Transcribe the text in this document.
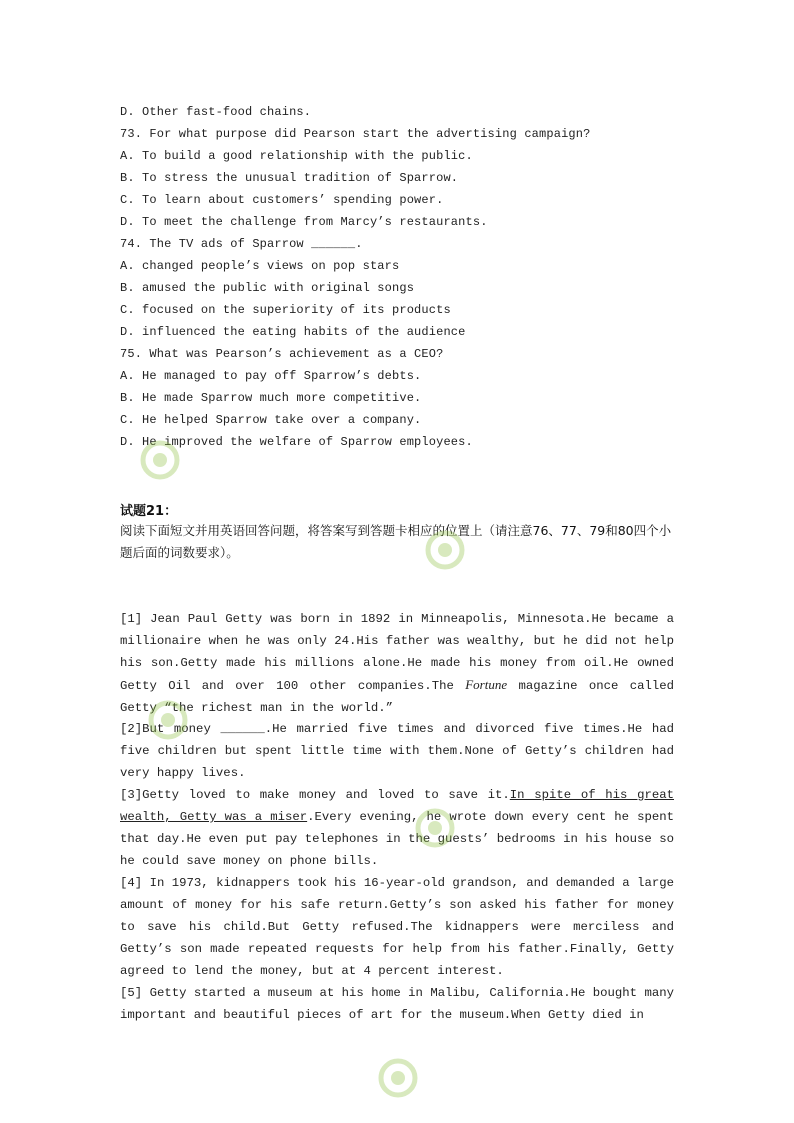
D. Other fast-food chains.
73. For what purpose did Pearson start the advertising campaign?
A. To build a good relationship with the public.
B. To stress the unusual tradition of Sparrow.
C. To learn about customers’ spending power.
D. To meet the challenge from Marcy’s restaurants.
74. The TV ads of Sparrow ______.
A. changed people’s views on pop stars
B. amused the public with original songs
C. focused on the superiority of its products
D. influenced the eating habits of the audience
75. What was Pearson’s achievement as a CEO?
A. He managed to pay off Sparrow’s debts.
B. He made Sparrow much more competitive.
C. He helped Sparrow take over a company.
D. He improved the welfare of Sparrow employees.
试题21：
阅读下面短文并用英语回答问题，将答案写到答题卡相应的位置上（请注意76、77、79和80四个小题后面的词数要求）。
[1] Jean Paul Getty was born in 1892 in Minneapolis, Minnesota.He became a millionaire when he was only 24.His father was wealthy, but he did not help his son.Getty made his millions alone.He made his money from oil.He owned Getty Oil and over 100 other companies.The Fortune magazine once called Getty “the richest man in the world.”
[2]But money ______.He married five times and divorced five times.He had five children but spent little time with them.None of Getty’s children had very happy lives.
[3]Getty loved to make money and loved to save it.In spite of his great wealth, Getty was a miser.Every evening, he wrote down every cent he spent that day.He even put pay telephones in the guests’ bedrooms in his house so he could save money on phone bills.
[4] In 1973, kidnappers took his 16-year-old grandson, and demanded a large amount of money for his safe return.Getty’s son asked his father for money to save his child.But Getty refused.The kidnappers were merciless and Getty’s son made repeated requests for help from his father.Finally, Getty agreed to lend the money, but at 4 percent interest.
[5] Getty started a museum at his home in Malibu, California.He bought many important and beautiful pieces of art for the museum.When Getty died in
